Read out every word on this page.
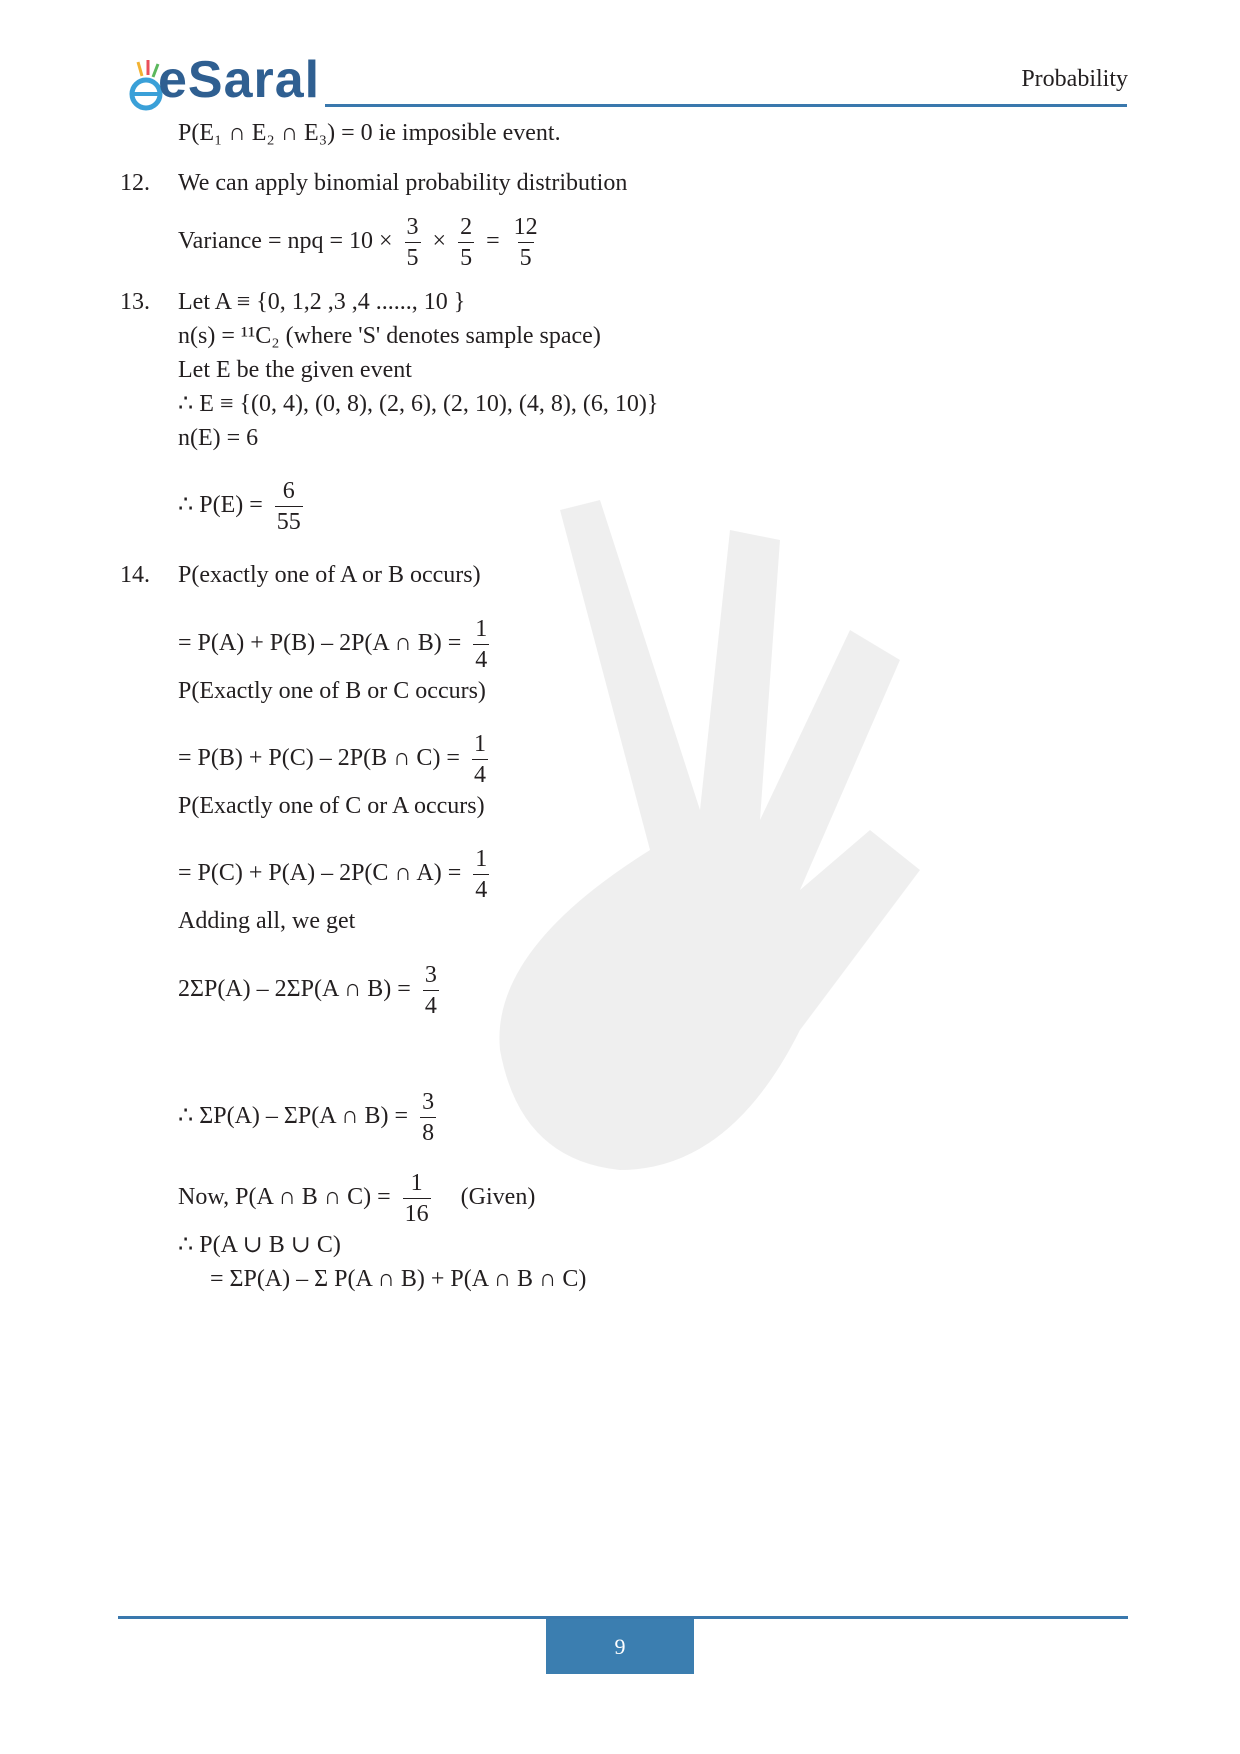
eSaral	Probability
P(E₁ ∩ E₂ ∩ E₃) = 0 ie imposible event.
12. We can apply binomial probability distribution
Variance = npq = $10 \times \frac{3}{5} \times \frac{2}{5} = \frac{12}{5}$
13. Let A ≡ {0, 1,2 ,3 ,4 ......, 10 }
n(s) = ¹¹C₂ (where 'S' denotes sample space)
Let E be the given event
∴ E ≡ {(0, 4), (0, 8), (2, 6), (2, 10), (4, 8), (6, 10)}
n(E) = 6
∴ $P(E) = \frac{6}{55}$
14. P(exactly one of A or B occurs)
= P(A) + P(B) – 2P(A ∩ $B) = \frac{1}{4}$
P(Exactly one of B or C occurs)
= P(B) + P(C) – 2P(B ∩ $C) = \frac{1}{4}$
P(Exactly one of C or A occurs)
= P(C) + P(A) – 2P(C ∩ $A) = \frac{1}{4}$
Adding all, we get
2ΣP(A) – 2ΣP(A ∩ $B) = \frac{3}{4}$
∴ ΣP(A) – ΣP(A ∩ $B) = \frac{3}{8}$
Now, P(A ∩ B ∩ $C) = \frac{1}{16}$ (Given)
∴ P(A ∪ B ∪ C)
= ΣP(A) – Σ P(A ∩ B) + P(A ∩ B ∩ C)
9
